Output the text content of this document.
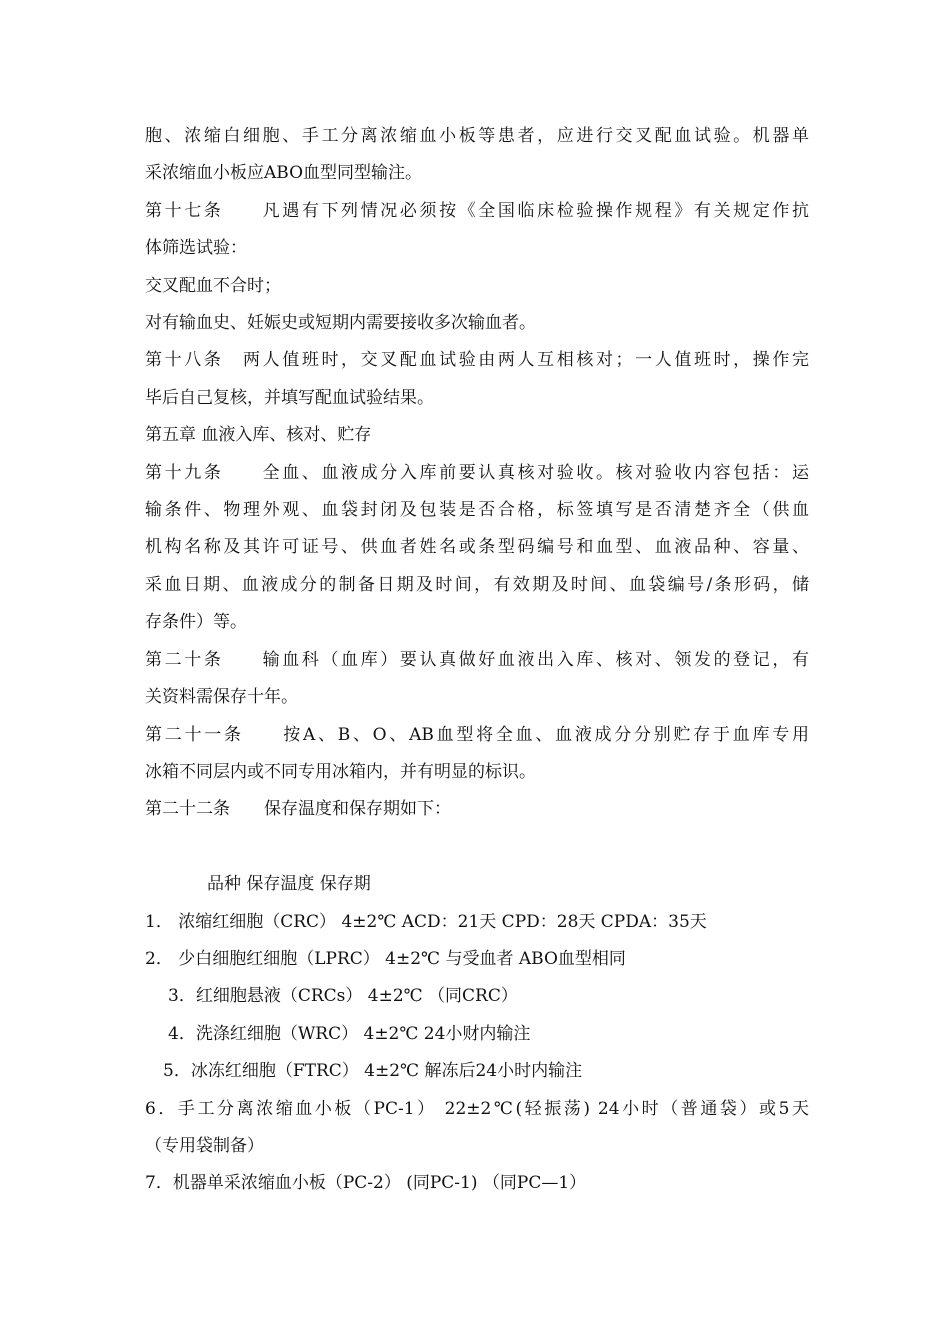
胞、浓缩白细胞、手工分离浓缩血小板等患者，应进行交叉配血试验。机器单
采浓缩血小板应ABO血型同型输注。
第十七条　　凡遇有下列情况必须按《全国临床检验操作规程》有关规定作抗
体筛选试验：
交叉配血不合时；
对有输血史、妊娠史或短期内需要接收多次输血者。
第十八条　两人值班时，交叉配血试验由两人互相核对；一人值班时，操作完
毕后自己复核，并填写配血试验结果。
第五章 血液入库、核对、贮存
第十九条　　全血、血液成分入库前要认真核对验收。核对验收内容包括：运
输条件、物理外观、血袋封闭及包装是否合格，标签填写是否清楚齐全（供血
机构名称及其许可证号、供血者姓名或条型码编号和血型、血液品种、容量、
采血日期、血液成分的制备日期及时间，有效期及时间、血袋编号/条形码，储
存条件）等。
第二十条　　输血科（血库）要认真做好血液出入库、核对、领发的登记，有
关资料需保存十年。
第二十一条　　按A、B、O、AB血型将全血、血液成分分别贮存于血库专用
冰箱不同层内或不同专用冰箱内，并有明显的标识。
第二十二条　　保存温度和保存期如下：
品种 保存温度 保存期
1． 浓缩红细胞（CRC） 4±2℃ ACD：21天 CPD：28天 CPDA：35天
2． 少白细胞红细胞（LPRC） 4±2℃ 与受血者 ABO血型相同
3．红细胞悬液（CRCs） 4±2℃ （同CRC）
4．洗涤红细胞（WRC） 4±2℃ 24小财内输注
5．冰冻红细胞（FTRC） 4±2℃ 解冻后24小时内输注
6．手工分离浓缩血小板（PC-1） 22±2℃(轻振荡) 24小时（普通袋）或5天
（专用袋制备）
7．机器单采浓缩血小板（PC-2） (同PC-1) （同PC—1）
